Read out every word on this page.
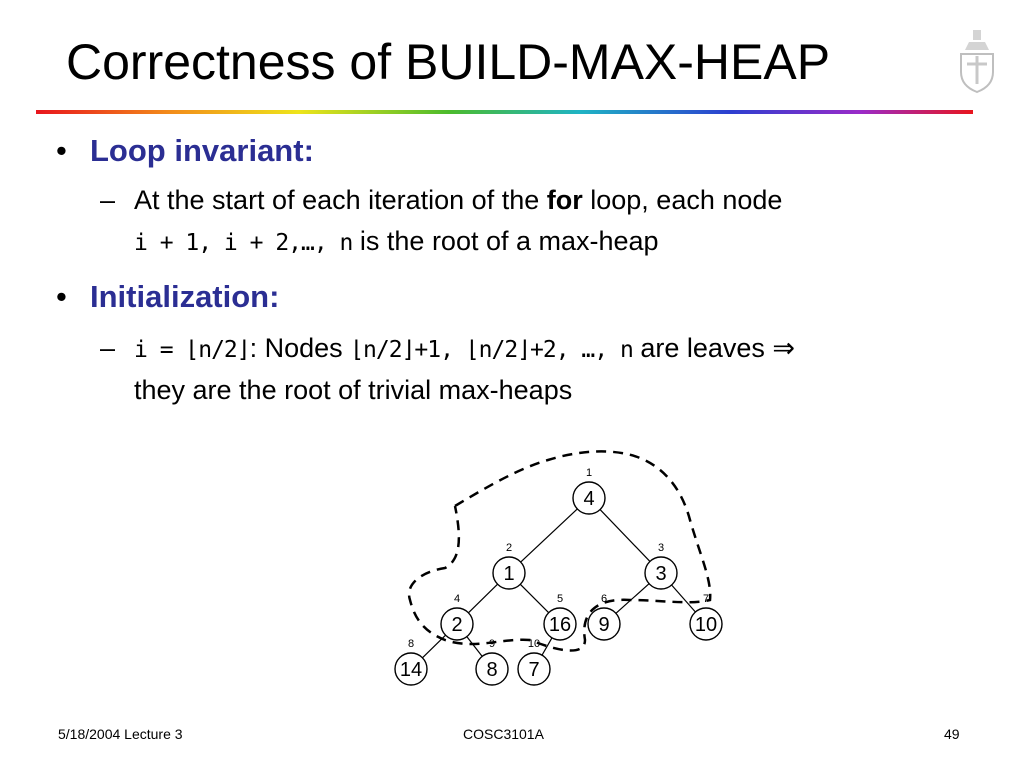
Correctness of BUILD-MAX-HEAP
• Loop invariant:
– At the start of each iteration of the for loop, each node
i + 1, i + 2,…, n is the root of a max-heap
• Initialization:
– i = ⌊n/2⌋: Nodes ⌊n/2⌋+1, ⌊n/2⌋+2, …, n are leaves ⇒
they are the root of trivial max-heaps
4
1
1
2
3
3
2
4
16
5
9
6
10
7
14
8
8
9
7
10
5/18/2004 Lecture 3	COSC3101A	49
